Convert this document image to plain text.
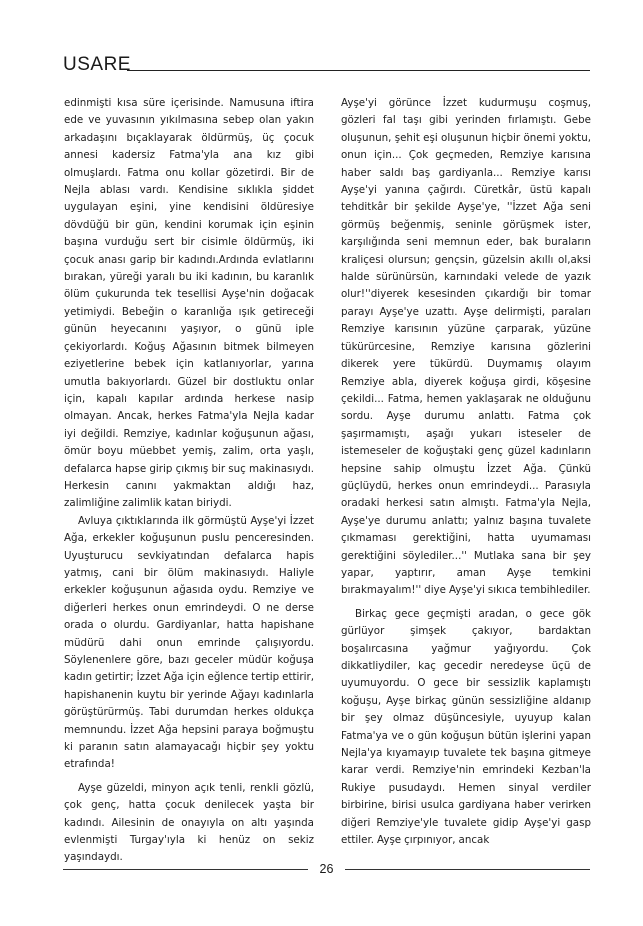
USARE

edinmişti kısa süre içerisinde. Namusuna iftira ede ve yuvasının yıkılmasına sebep olan yakın arkadaşını bıçaklayarak öldürmüş, üç çocuk annesi kadersiz Fatma'yla ana kız gibi olmuşlardı. Fatma onu kollar gözetirdi. Bir de Nejla ablası vardı. Kendisine sıklıkla şiddet uygulayan eşini, yine kendisini öldüresiye dövdüğü bir gün, kendini korumak için eşinin başına vurduğu sert bir cisimle öldürmüş, iki çocuk anası garip bir kadındı.Ardında evlatlarını bırakan, yüreği yaralı bu iki kadının, bu karanlık ölüm çukurunda tek tesellisi Ayşe'nin doğacak yetimiydi. Bebeğin o karanlığa ışık getireceği günün heyecanını yaşıyor, o günü iple çekiyorlardı. Koğuş Ağasının bitmek bilmeyen eziyetlerine bebek için katlanıyorlar, yarına umutla bakıyorlardı. Güzel bir dostluktu onlar için, kapalı kapılar ardında herkese nasip olmayan. Ancak, herkes Fatma'yla Nejla kadar iyi değildi. Remziye, kadınlar koğuşunun ağası, ömür boyu müebbet yemiş, zalim, orta yaşlı, defalarca hapse girip çıkmış bir suç makinasıydı. Herkesin canını yakmaktan aldığı haz, zalimliğine zalimlik katan biriydi.

Avluya çıktıklarında ilk görmüştü Ayşe'yi İzzet Ağa, erkekler koğuşunun puslu penceresinden. Uyuşturucu sevkiyatından defalarca hapis yatmış, cani bir ölüm makinasıydı. Haliyle erkekler koğuşunun ağasıda oydu. Remziye ve diğerleri herkes onun emrindeydi. O ne derse orada o olurdu. Gardiyanlar, hatta hapishane müdürü dahi onun emrinde çalışıyordu. Söylenenlere göre, bazı geceler müdür koğuşa kadın getirtir; İzzet Ağa için eğlence tertip ettirir, hapishanenin kuytu bir yerinde Ağayı kadınlarla görüştürürmüş. Tabi durumdan herkes oldukça memnundu. İzzet Ağa hepsini paraya boğmuştu ki paranın satın alamayacağı hiçbir şey yoktu etrafında!

Ayşe güzeldi, minyon açık tenli, renkli gözlü, çok genç, hatta çocuk denilecek yaşta bir kadındı. Ailesinin de onayıyla on altı yaşında evlenmişti Turgay'ıyla ki henüz on sekiz yaşındaydı.

Ayşe'yi görünce İzzet kudurmuşu coşmuş, gözleri fal taşı gibi yerinden fırlamıştı. Gebe oluşunun, şehit eşi oluşunun hiçbir önemi yoktu, onun için... Çok geçmeden, Remziye karısına haber saldı baş gardiyanla... Remziye karısı Ayşe'yi yanına çağırdı. Cüretkâr, üstü kapalı tehditkâr bir şekilde Ayşe'ye, ''İzzet Ağa seni görmüş beğenmiş, seninle görüşmek ister, karşılığında seni memnun eder, bak buraların kraliçesi olursun; gençsin, güzelsin akıllı ol,aksi halde sürünürsün, karnındaki velede de yazık olur!''diyerek kesesinden çıkardığı bir tomar parayı Ayşe'ye uzattı. Ayşe delirmişti, paraları Remziye karısının yüzüne çarparak, yüzüne tükürürcesine, Remziye karısına gözlerini dikerek yere tükürdü. Duymamış olayım Remziye abla, diyerek koğuşa girdi, köşesine çekildi... Fatma, hemen yaklaşarak ne olduğunu sordu. Ayşe durumu anlattı. Fatma çok şaşırmamıştı, aşağı yukarı isteseler de istemeseler de koğuştaki genç güzel kadınların hepsine sahip olmuştu İzzet Ağa. Çünkü güçlüydü, herkes onun emrindeydi... Parasıyla oradaki herkesi satın almıştı. Fatma'yla Nejla, Ayşe'ye durumu anlattı; yalnız başına tuvalete çıkmaması gerektiğini, hatta uyumaması gerektiğini söylediler...'' Mutlaka sana bir şey yapar, yaptırır, aman Ayşe temkini bırakmayalım!'' diye Ayşe'yi sıkıca tembihlediler.

Birkaç gece geçmişti aradan, o gece gök gürlüyor şimşek çakıyor, bardaktan boşalırcasına yağmur yağıyordu. Çok dikkatliydiler, kaç gecedir neredeyse üçü de uyumuyordu. O gece bir sessizlik kaplamıştı koğuşu, Ayşe birkaç günün sessizliğine aldanıp bir şey olmaz düşüncesiyle, uyuyup kalan Fatma'ya ve o gün koğuşun bütün işlerini yapan Nejla'ya kıyamayıp tuvalete tek başına gitmeye karar verdi. Remziye'nin emrindeki Kezban'la Rukiye pusudaydı. Hemen sinyal verdiler birbirine, birisi usulca gardiyana haber verirken diğeri Remziye'yle tuvalete gidip Ayşe'yi gasp ettiler. Ayşe çırpınıyor, ancak

26
